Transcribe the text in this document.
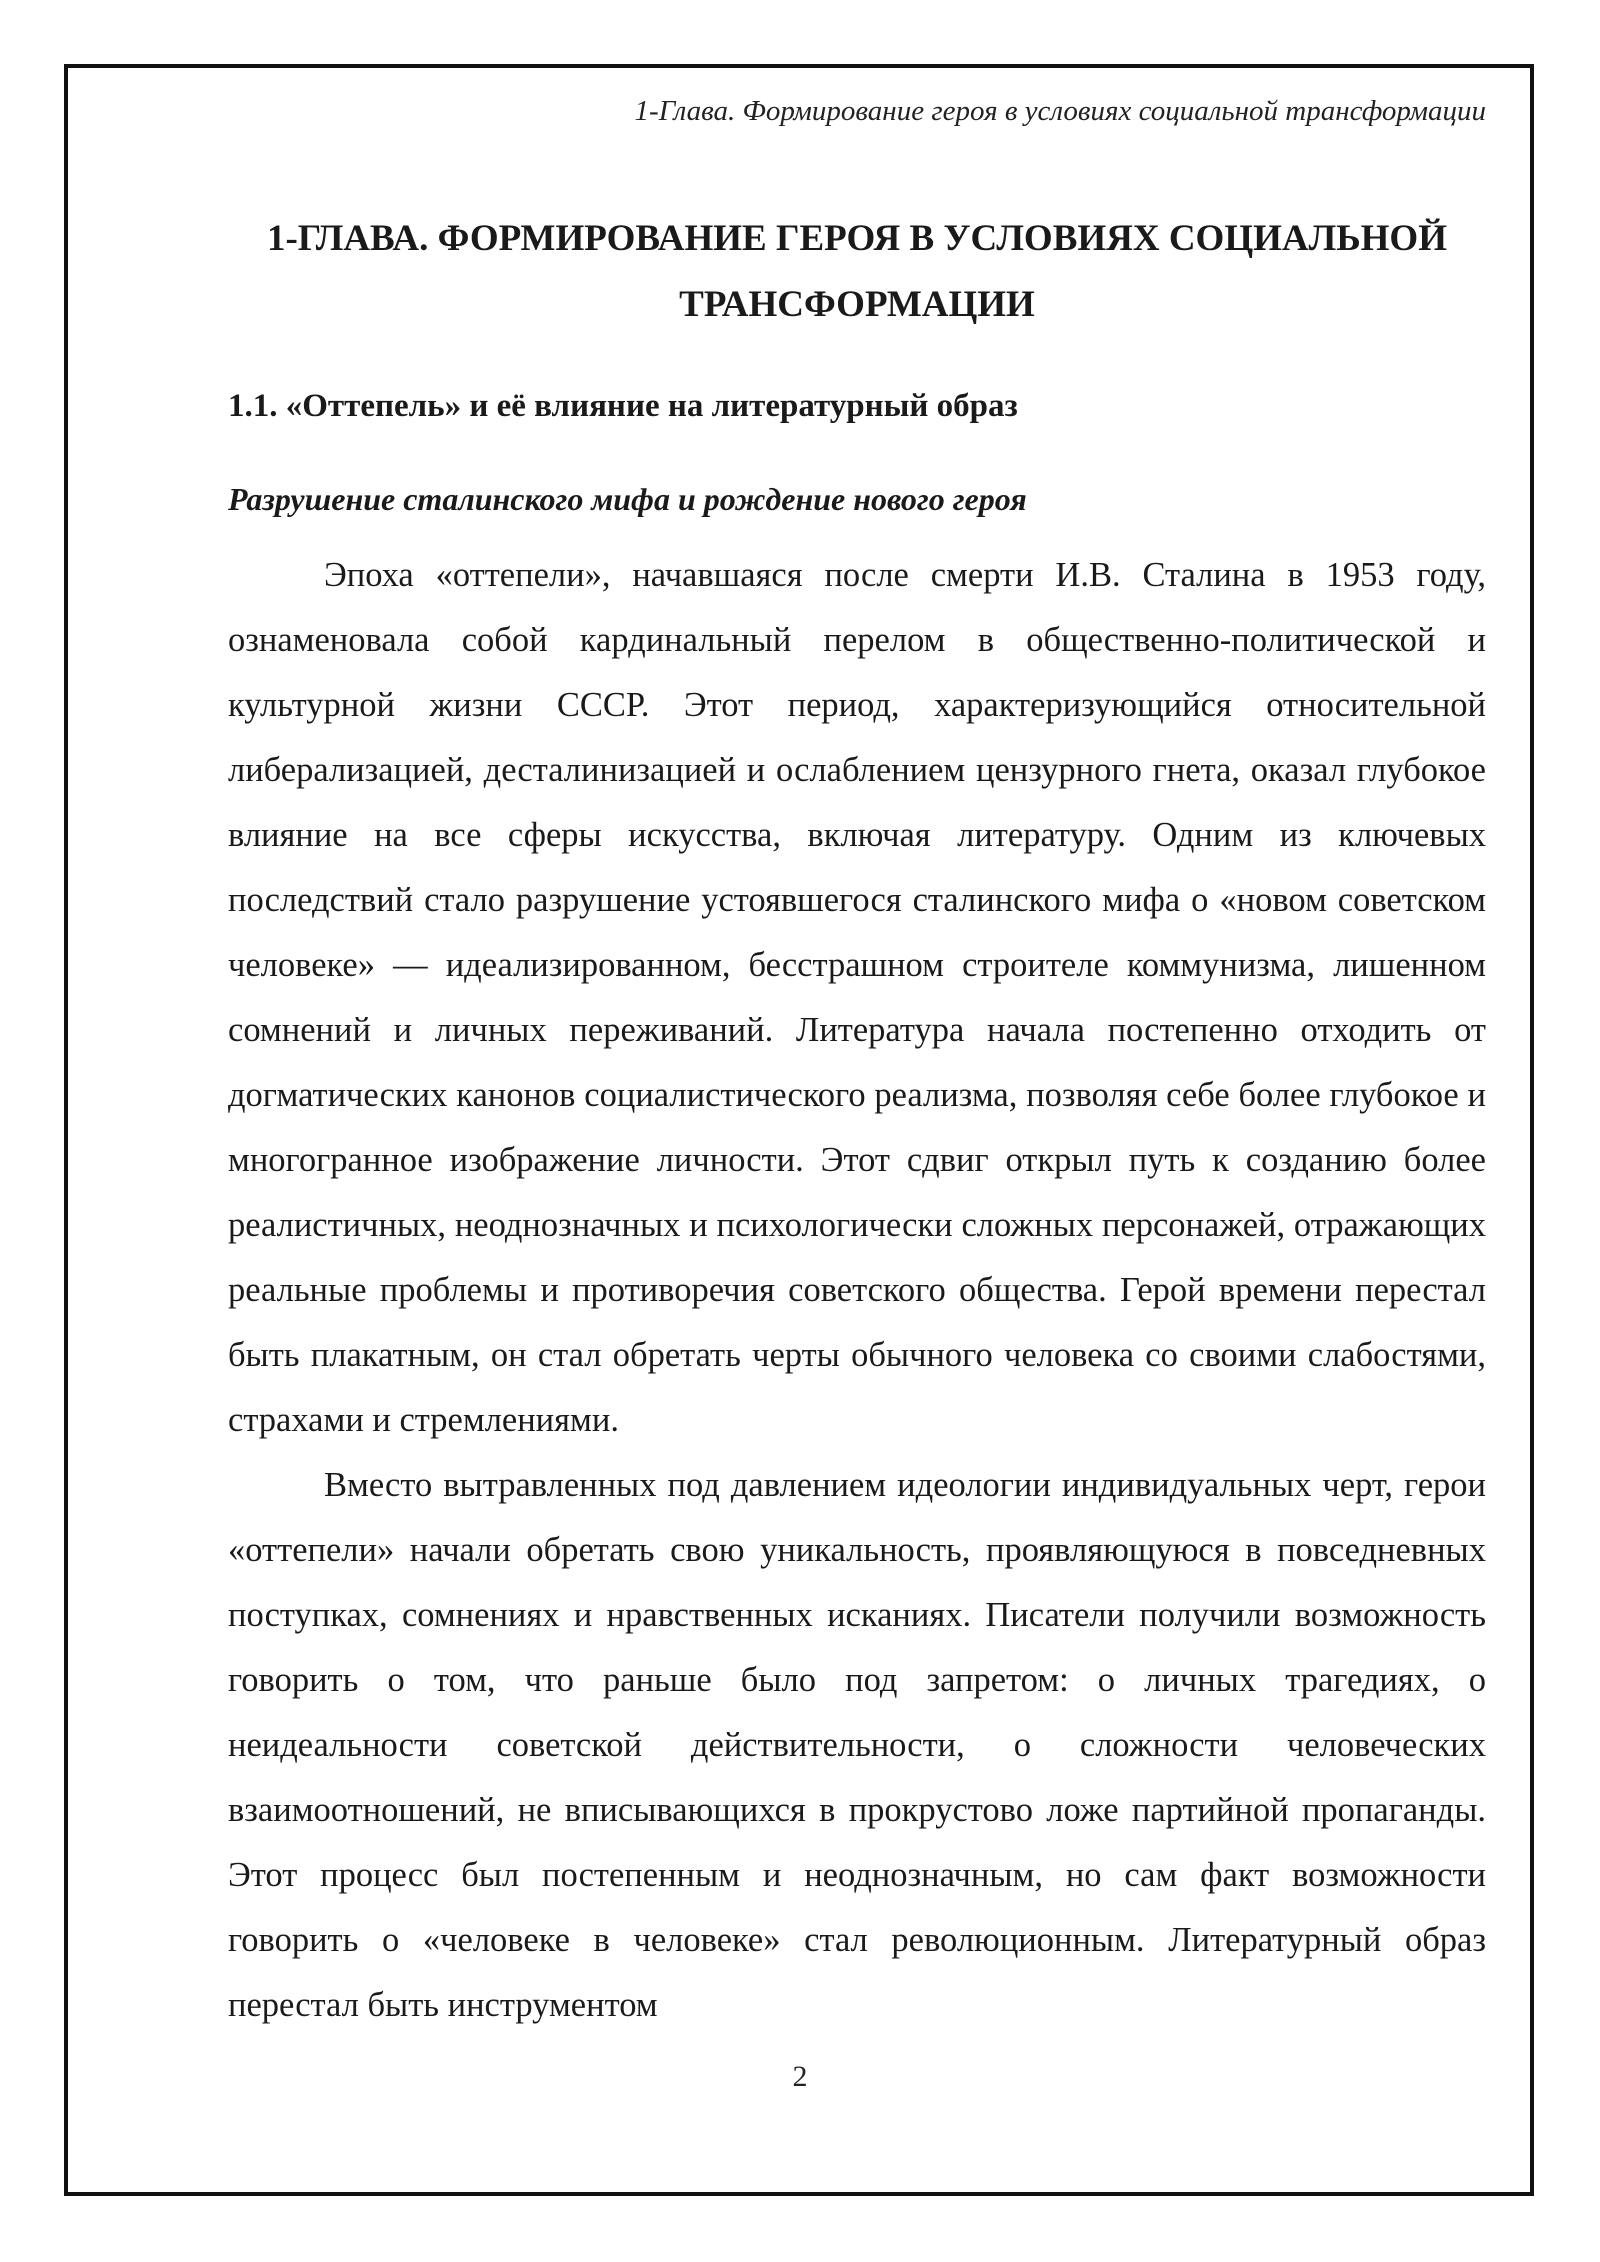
1-Глава. Формирование героя в условиях социальной трансформации
1-ГЛАВА. ФОРМИРОВАНИЕ ГЕРОЯ В УСЛОВИЯХ СОЦИАЛЬНОЙ ТРАНСФОРМАЦИИ
1.1. «Оттепель» и её влияние на литературный образ
Разрушение сталинского мифа и рождение нового героя

Эпоха «оттепели», начавшаяся после смерти И.В. Сталина в 1953 году, ознаменовала собой кардинальный перелом в общественно-политической и культурной жизни СССР. Этот период, характеризующийся относительной либерализацией, десталинизацией и ослаблением цензурного гнета, оказал глубокое влияние на все сферы искусства, включая литературу. Одним из ключевых последствий стало разрушение устоявшегося сталинского мифа о «новом советском человеке» — идеализированном, бесстрашном строителе коммунизма, лишенном сомнений и личных переживаний. Литература начала постепенно отходить от догматических канонов социалистического реализма, позволяя себе более глубокое и многогранное изображение личности. Этот сдвиг открыл путь к созданию более реалистичных, неоднозначных и психологически сложных персонажей, отражающих реальные проблемы и противоречия советского общества. Герой времени перестал быть плакатным, он стал обретать черты обычного человека со своими слабостями, страхами и стремлениями.

Вместо вытравленных под давлением идеологии индивидуальных черт, герои «оттепели» начали обретать свою уникальность, проявляющуюся в повседневных поступках, сомнениях и нравственных исканиях. Писатели получили возможность говорить о том, что раньше было под запретом: о личных трагедиях, о неидеальности советской действительности, о сложности человеческих взаимоотношений, не вписывающихся в прокрустово ложе партийной пропаганды. Этот процесс был постепенным и неоднозначным, но сам факт возможности говорить о «человеке в человеке» стал революционным. Литературный образ перестал быть инструментом

2
